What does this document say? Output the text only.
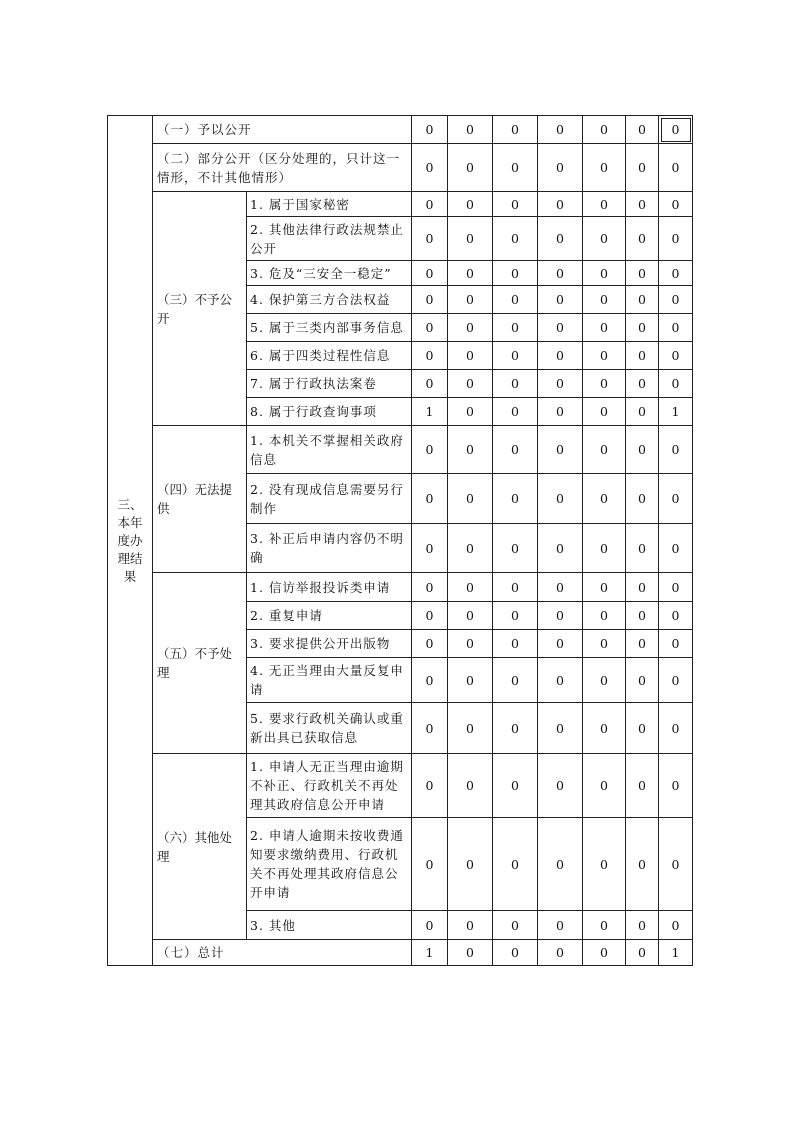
三、本年度办理结果	（一）予以公开		0	0	0	0	0	0	0
	（二）部分公开（区分处理的，只计这一情形，不计其他情形）		0	0	0	0	0	0	0
	（三）不予公开	1. 属于国家秘密	0	0	0	0	0	0	0
		2. 其他法律行政法规禁止公开	0	0	0	0	0	0	0
		3. 危及“三安全一稳定”	0	0	0	0	0	0	0
		4. 保护第三方合法权益	0	0	0	0	0	0	0
		5. 属于三类内部事务信息	0	0	0	0	0	0	0
		6. 属于四类过程性信息	0	0	0	0	0	0	0
		7. 属于行政执法案卷	0	0	0	0	0	0	0
		8. 属于行政查询事项	1	0	0	0	0	0	1
	（四）无法提供	1. 本机关不掌握相关政府信息	0	0	0	0	0	0	0
		2. 没有现成信息需要另行制作	0	0	0	0	0	0	0
		3. 补正后申请内容仍不明确	0	0	0	0	0	0	0
	（五）不予处理	1. 信访举报投诉类申请	0	0	0	0	0	0	0
		2. 重复申请	0	0	0	0	0	0	0
		3. 要求提供公开出版物	0	0	0	0	0	0	0
		4. 无正当理由大量反复申请	0	0	0	0	0	0	0
		5. 要求行政机关确认或重新出具已获取信息	0	0	0	0	0	0	0
	（六）其他处理	1. 申请人无正当理由逾期不补正、行政机关不再处理其政府信息公开申请	0	0	0	0	0	0	0
		2. 申请人逾期未按收费通知要求缴纳费用、行政机关不再处理其政府信息公开申请	0	0	0	0	0	0	0
		3. 其他	0	0	0	0	0	0	0
	（七）总计		1	0	0	0	0	0	1
